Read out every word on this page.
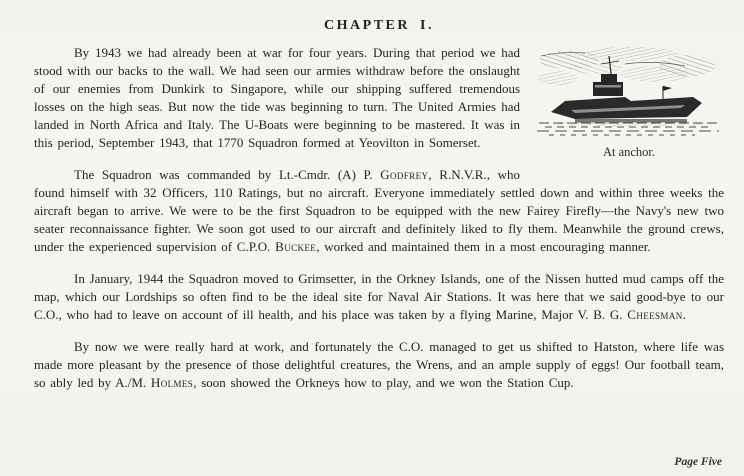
CHAPTER I.
At anchor.

By 1943 we had already been at war for four years. During that period we had stood with our backs to the wall. We had seen our armies withdraw before the onslaught of our enemies from Dunkirk to Singapore, while our shipping suffered tremendous losses on the high seas. But now the tide was beginning to turn. The United Armies had landed in North Africa and Italy. The U-Boats were beginning to be mastered. It was in this period, September 1943, that 1770 Squadron formed at Yeovilton in Somerset.

The Squadron was commanded by Lt.-Cmdr. (A) P. Godfrey, R.N.V.R., who found himself with 32 Officers, 110 Ratings, but no aircraft. Everyone immediately settled down and within three weeks the aircraft began to arrive. We were to be the first Squadron to be equipped with the new Fairey Firefly—the Navy's new two seater reconnaissance fighter. We soon got used to our aircraft and definitely liked to fly them. Meanwhile the ground crews, under the experienced supervision of C.P.O. Buckee, worked and maintained them in a most encouraging manner.

In January, 1944 the Squadron moved to Grimsetter, in the Orkney Islands, one of the Nissen hutted mud camps off the map, which our Lordships so often find to be the ideal site for Naval Air Stations. It was here that we said good-bye to our C.O., who had to leave on account of ill health, and his place was taken by a flying Marine, Major V. B. G. Cheesman.

By now we were really hard at work, and fortunately the C.O. managed to get us shifted to Hatston, where life was made more pleasant by the presence of those delightful creatures, the Wrens, and an ample supply of eggs! Our football team, so ably led by A./M. Holmes, soon showed the Orkneys how to play, and we won the Station Cup.

Page Five
